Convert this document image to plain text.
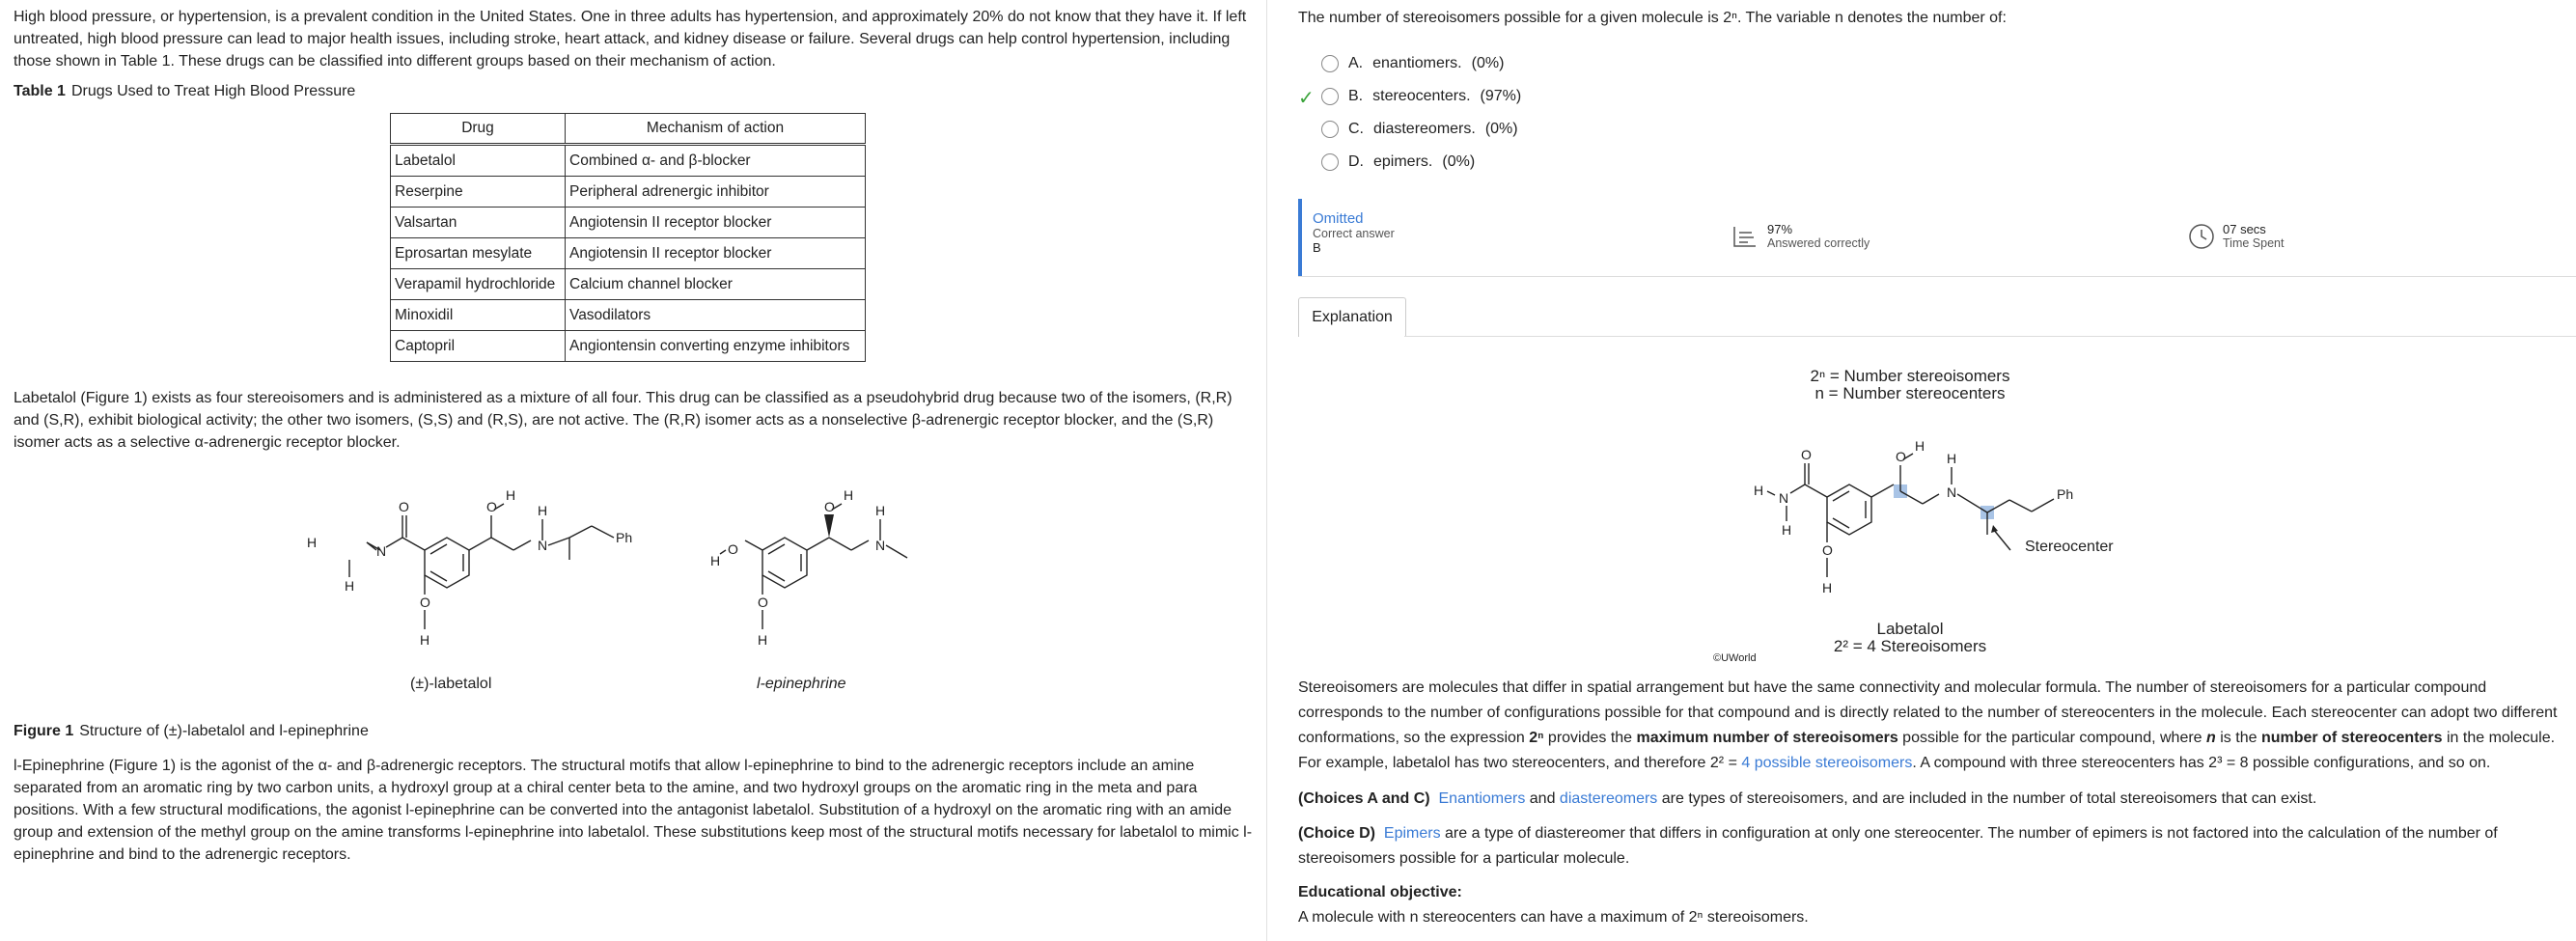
High blood pressure, or hypertension, is a prevalent condition in the United States. One in three adults has hypertension, and approximately 20% do not know that they have it. If left untreated, high blood pressure can lead to major health issues, including stroke, heart attack, and kidney disease or failure. Several drugs can help control hypertension, including those shown in Table 1. These drugs can be classified into different groups based on their mechanism of action.

Table 1 Drugs Used to Treat High Blood Pressure
Drug	Mechanism of action
Labetalol	Combined α- and β-blocker
Reserpine	Peripheral adrenergic inhibitor
Valsartan	Angiotensin II receptor blocker
Eprosartan mesylate	Angiotensin II receptor blocker
Verapamil hydrochloride	Calcium channel blocker
Minoxidil	Vasodilators
Captopril	Angiontensin converting enzyme inhibitors

Labetalol (Figure 1) exists as four stereoisomers and is administered as a mixture of all four. This drug can be classified as a pseudohybrid drug because two of the isomers, (R,R) and (S,R), exhibit biological activity; the other two isomers, (S,S) and (R,S), are not active. The (R,R) isomer acts as a nonselective β-adrenergic receptor blocker, and the (S,R) isomer acts as a selective α-adrenergic receptor blocker.

O
N
H
H
O
H
O
H
N
H
Ph
O
H
O
H
O
H
N
H
(±)-labetalol	l-epinephrine
Figure 1 Structure of (±)-labetalol and l-epinephrine

l-Epinephrine (Figure 1) is the agonist of the α- and β-adrenergic receptors. The structural motifs that allow l-epinephrine to bind to the adrenergic receptors include an amine separated from an aromatic ring by two carbon units, a hydroxyl group at a chiral center beta to the amine, and two hydroxyl groups on the aromatic ring in the meta and para positions. With a few structural modifications, the agonist l-epinephrine can be converted into the antagonist labetalol. Substitution of a hydroxyl on the aromatic ring with an amide group and extension of the methyl group on the amine transforms l-epinephrine into labetalol. These substitutions keep most of the structural motifs necessary for labetalol to mimic l-epinephrine and bind to the adrenergic receptors.

The number of stereoisomers possible for a given molecule is 2ⁿ. The variable n denotes the number of:
A. enantiomers. (0%)
✓ B. stereocenters. (97%)
C. diastereomers. (0%)
D. epimers. (0%)
Omitted
Correct answer
B
97%
Answered correctly
07 secs
Time Spent
Explanation
2ⁿ = Number stereoisomers
n = Number stereocenters
O
N
H
H
O
H
O
H
N
H
Ph
Stereocenter
©UWorld
Labetalol
2² = 4 Stereoisomers
Stereoisomers are molecules that differ in spatial arrangement but have the same connectivity and molecular formula. The number of stereoisomers for a particular compound corresponds to the number of configurations possible for that compound and is directly related to the number of stereocenters in the molecule. Each stereocenter can adopt two different conformations, so the expression 2ⁿ provides the maximum number of stereoisomers possible for the particular compound, where n is the number of stereocenters in the molecule. For example, labetalol has two stereocenters, and therefore 2² = 4 possible stereoisomers. A compound with three stereocenters has 2³ = 8 possible configurations, and so on.
(Choices A and C) Enantiomers and diastereomers are types of stereoisomers, and are included in the number of total stereoisomers that can exist.
(Choice D) Epimers are a type of diastereomer that differs in configuration at only one stereocenter. The number of epimers is not factored into the calculation of the number of stereoisomers possible for a particular molecule.
Educational objective:
A molecule with n stereocenters can have a maximum of 2ⁿ stereoisomers.
